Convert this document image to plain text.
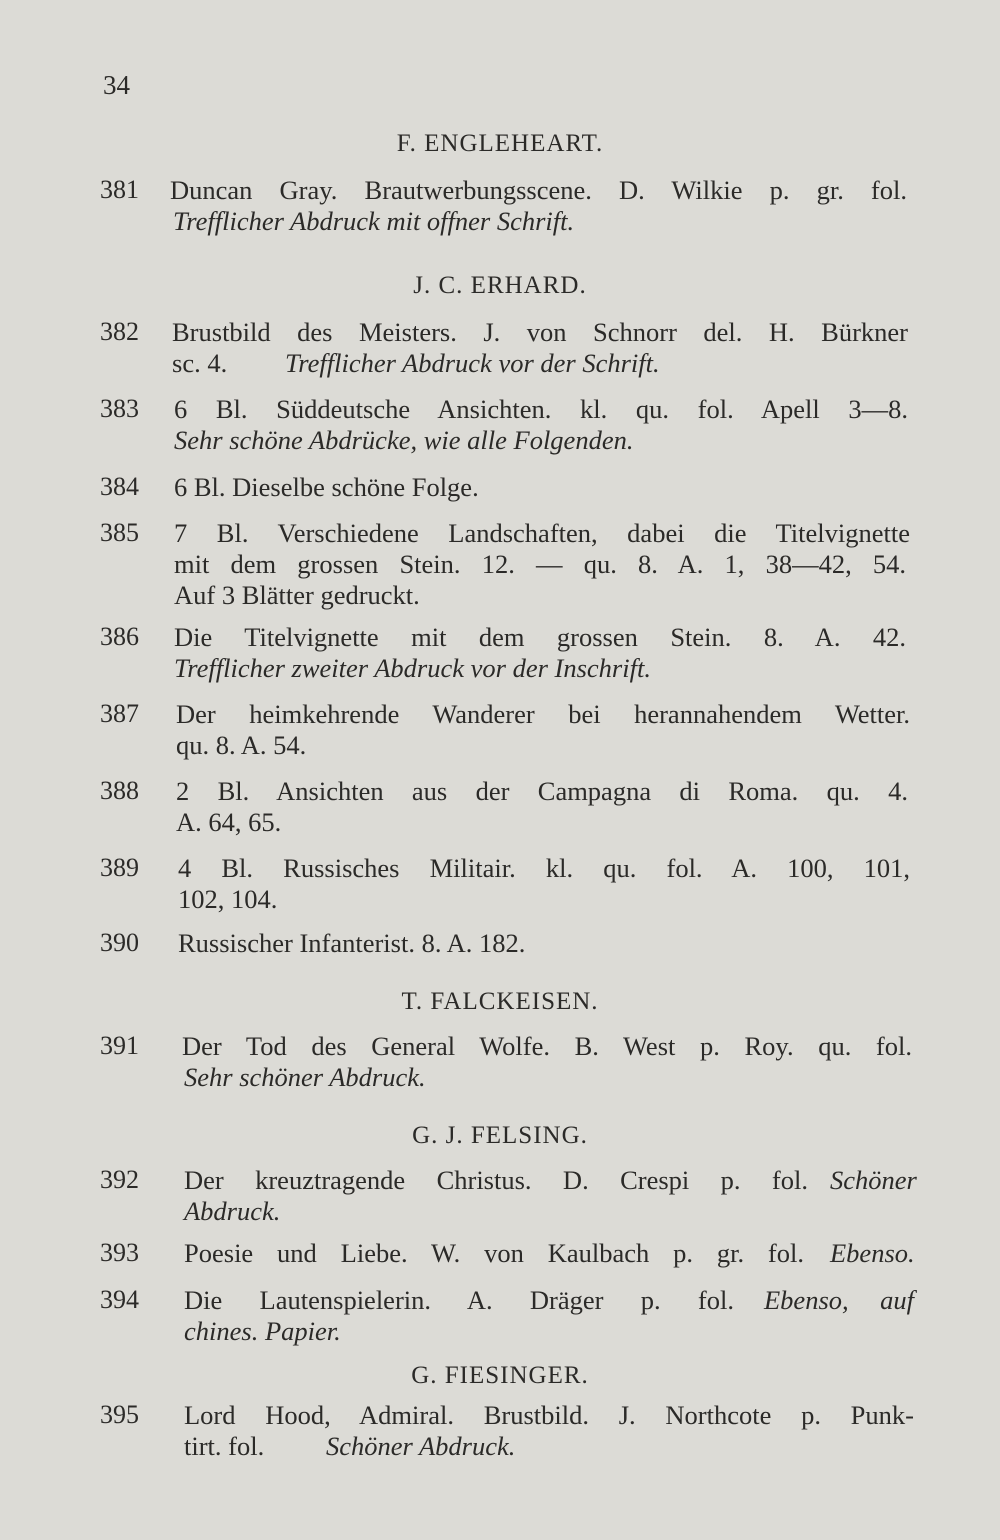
34
F. ENGLEHEART.
381 Duncan Gray. Brautwerbungsscene. D. Wilkie p. gr. fol.
Trefflicher Abdruck mit offner Schrift.
J. C. ERHARD.
382 Brustbild des Meisters. J. von Schnorr del. H. Bürkner
sc. 4. Trefflicher Abdruck vor der Schrift.
383 6 Bl. Süddeutsche Ansichten. kl. qu. fol. Apell 3—8.
Sehr schöne Abdrücke, wie alle Folgenden.
384 6 Bl. Dieselbe schöne Folge.
385 7 Bl. Verschiedene Landschaften, dabei die Titelvignette
mit dem grossen Stein. 12. — qu. 8. A. 1, 38—42, 54.
Auf 3 Blätter gedruckt.
386 Die Titelvignette mit dem grossen Stein. 8. A. 42.
Trefflicher zweiter Abdruck vor der Inschrift.
387 Der heimkehrende Wanderer bei herannahendem Wetter.
qu. 8. A. 54.
388 2 Bl. Ansichten aus der Campagna di Roma. qu. 4.
A. 64, 65.
389 4 Bl. Russisches Militair. kl. qu. fol. A. 100, 101,
102, 104.
390 Russischer Infanterist. 8. A. 182.
T. FALCKEISEN.
391 Der Tod des General Wolfe. B. West p. Roy. qu. fol.
Sehr schöner Abdruck.
G. J. FELSING.
392 Der kreuztragende Christus. D. Crespi p. fol. Schöner
Abdruck.
393 Poesie und Liebe. W. von Kaulbach p. gr. fol. Ebenso.
394 Die Lautenspielerin. A. Dräger p. fol. Ebenso, auf
chines. Papier.
G. FIESINGER.
395 Lord Hood, Admiral. Brustbild. J. Northcote p. Punk-
tirt. fol. Schöner Abdruck.
